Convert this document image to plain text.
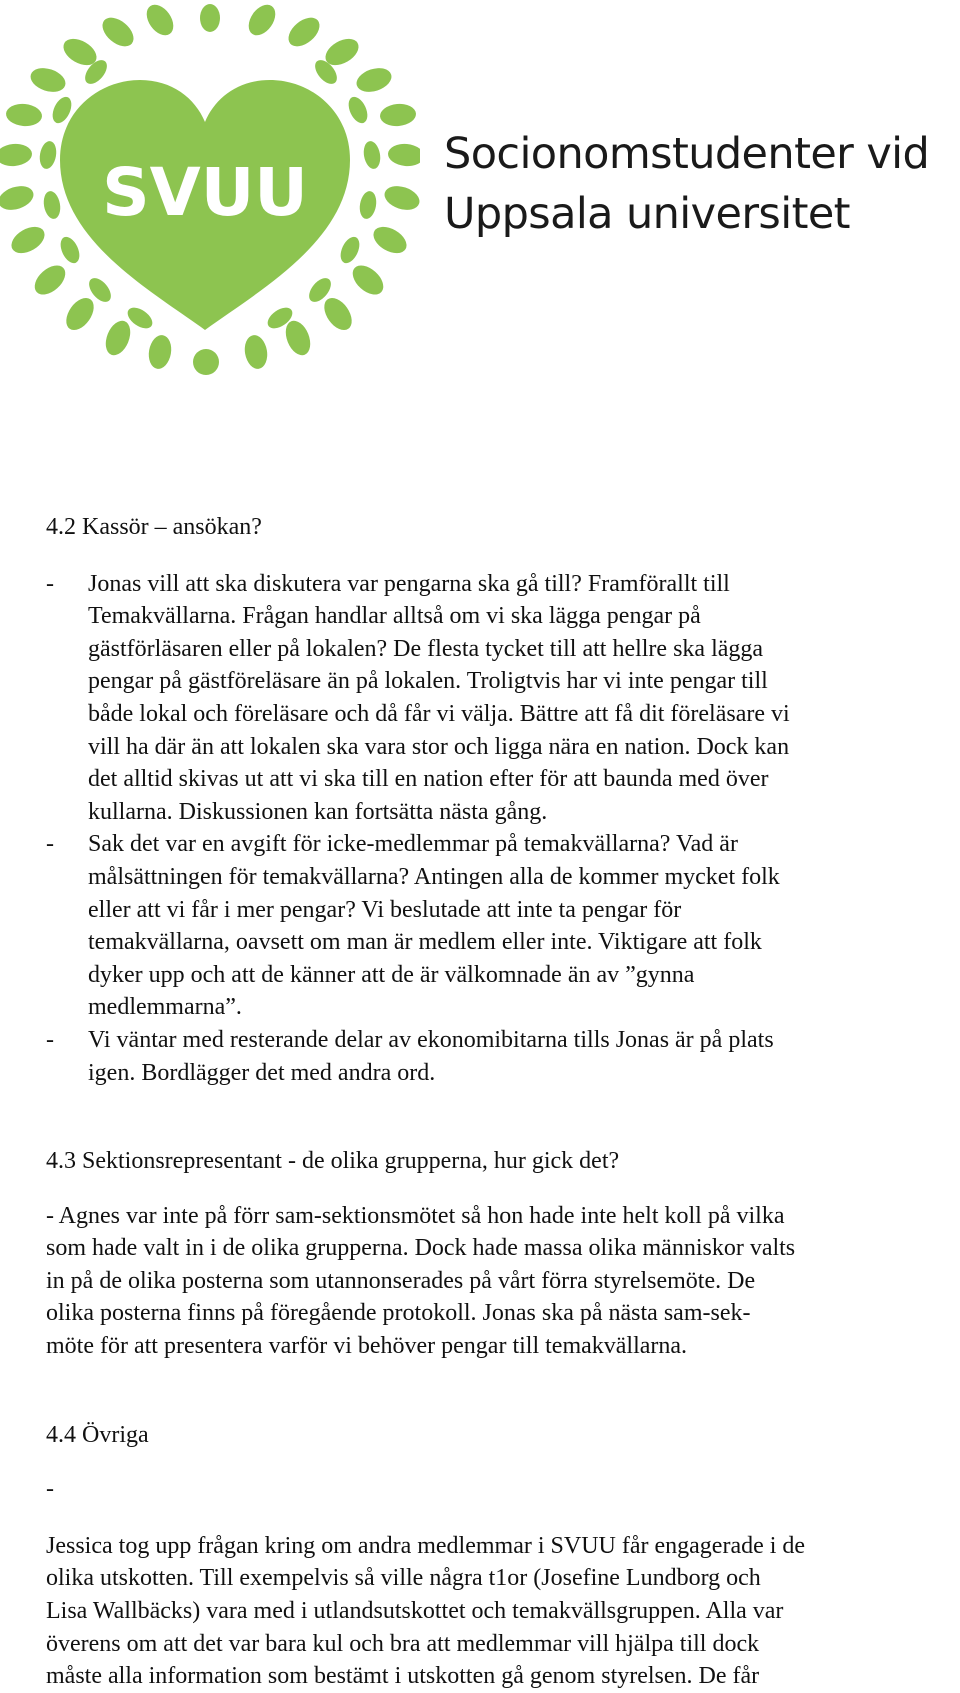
SVUU	Socionomstudenter vid
Uppsala universitet

4.2 Kassör – ansökan?

- Jonas vill att ska diskutera var pengarna ska gå till? Framförallt till
Temakvällarna. Frågan handlar alltså om vi ska lägga pengar på
gästförläsaren eller på lokalen? De flesta tycket till att hellre ska lägga
pengar på gästföreläsare än på lokalen. Troligtvis har vi inte pengar till
både lokal och föreläsare och då får vi välja. Bättre att få dit föreläsare vi
vill ha där än att lokalen ska vara stor och ligga nära en nation. Dock kan
det alltid skivas ut att vi ska till en nation efter för att baunda med över
kullarna. Diskussionen kan fortsätta nästa gång.
- Sak det var en avgift för icke-medlemmar på temakvällarna? Vad är
målsättningen för temakvällarna? Antingen alla de kommer mycket folk
eller att vi får i mer pengar? Vi beslutade att inte ta pengar för
temakvällarna, oavsett om man är medlem eller inte. Viktigare att folk
dyker upp och att de känner att de är välkomnade än av ”gynna
medlemmarna”.
- Vi väntar med resterande delar av ekonomibitarna tills Jonas är på plats
igen. Bordlägger det med andra ord.

4.3 Sektionsrepresentant - de olika grupperna, hur gick det?

- Agnes var inte på förr sam-sektionsmötet så hon hade inte helt koll på vilka
som hade valt in i de olika grupperna. Dock hade massa olika människor valts
in på de olika posterna som utannonserades på vårt förra styrelsemöte. De
olika posterna finns på föregående protokoll. Jonas ska på nästa sam-sek-
möte för att presentera varför vi behöver pengar till temakvällarna.

4.4 Övriga

-

Jessica tog upp frågan kring om andra medlemmar i SVUU får engagerade i de
olika utskotten. Till exempelvis så ville några t1or (Josefine Lundborg och
Lisa Wallbäcks) vara med i utlandsutskottet och temakvällsgruppen. Alla var
överens om att det var bara kul och bra att medlemmar vill hjälpa till dock
måste alla information som bestämt i utskotten gå genom styrelsen. De får
